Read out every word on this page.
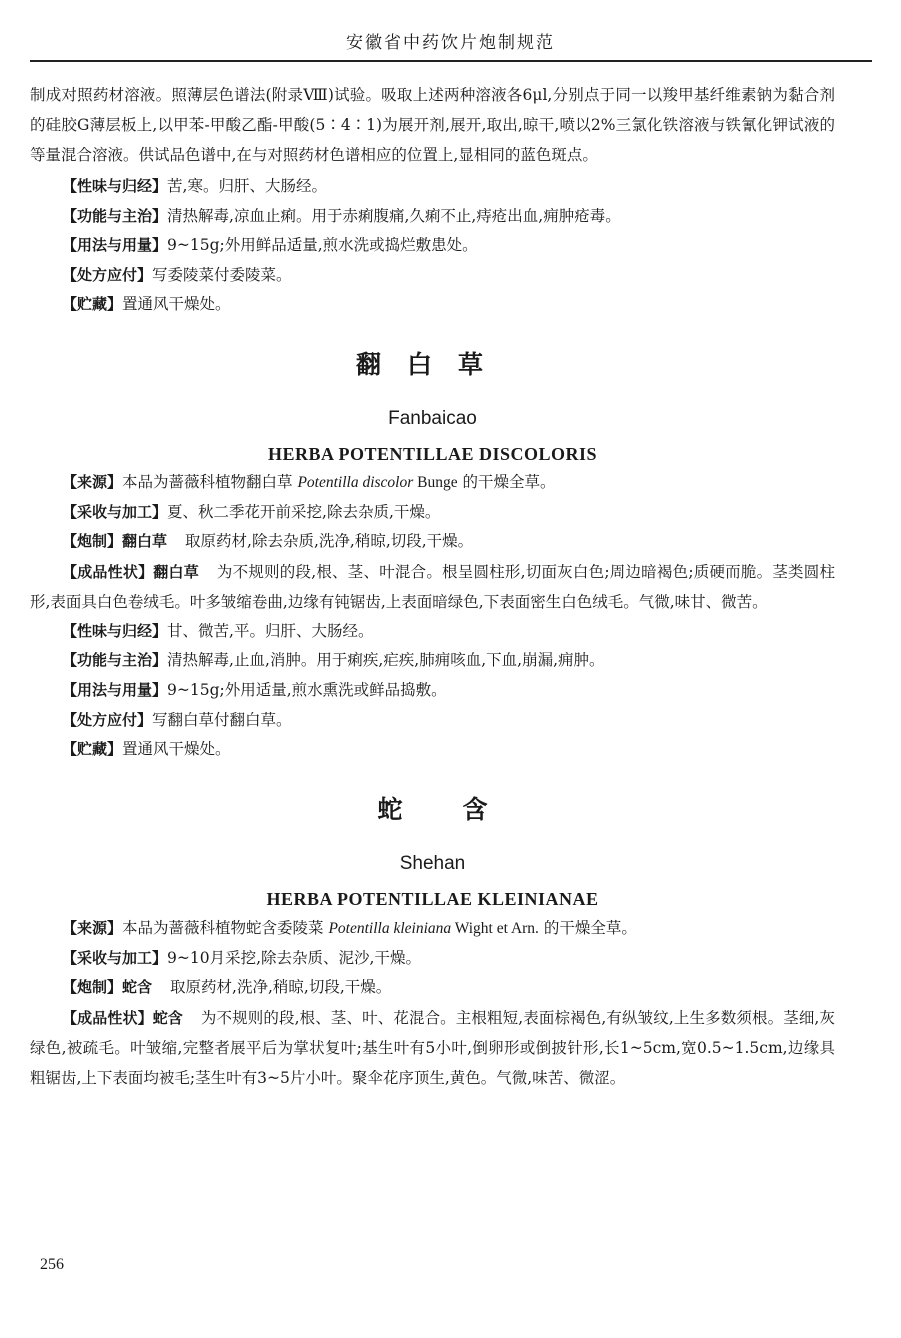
安徽省中药饮片炮制规范

制成对照药材溶液。照薄层色谱法(附录Ⅷ)试验。吸取上述两种溶液各6μl,分别点于同一以羧甲基纤维素钠为黏合剂的硅胶G薄层板上,以甲苯-甲酸乙酯-甲酸(5∶4∶1)为展开剂,展开,取出,晾干,喷以2%三氯化铁溶液与铁氰化钾试液的等量混合溶液。供试品色谱中,在与对照药材色谱相应的位置上,显相同的蓝色斑点。

【性味与归经】苦,寒。归肝、大肠经。

【功能与主治】清热解毒,凉血止痢。用于赤痢腹痛,久痢不止,痔疮出血,痈肿疮毒。

【用法与用量】9~15g;外用鲜品适量,煎水洗或捣烂敷患处。

【处方应付】写委陵菜付委陵菜。

【贮藏】置通风干燥处。

翻白草
Fanbaicao
HERBA POTENTILLAE DISCOLORIS

【来源】本品为蔷薇科植物翻白草 Potentilla discolor Bunge 的干燥全草。

【采收与加工】夏、秋二季花开前采挖,除去杂质,干燥。

【炮制】翻白草 取原药材,除去杂质,洗净,稍晾,切段,干燥。

【成品性状】翻白草 为不规则的段,根、茎、叶混合。根呈圆柱形,切面灰白色;周边暗褐色;质硬而脆。茎类圆柱形,表面具白色卷绒毛。叶多皱缩卷曲,边缘有钝锯齿,上表面暗绿色,下表面密生白色绒毛。气微,味甘、微苦。

【性味与归经】甘、微苦,平。归肝、大肠经。

【功能与主治】清热解毒,止血,消肿。用于痢疾,疟疾,肺痈咳血,下血,崩漏,痈肿。

【用法与用量】9~15g;外用适量,煎水熏洗或鲜品捣敷。

【处方应付】写翻白草付翻白草。

【贮藏】置通风干燥处。

蛇含
Shehan
HERBA POTENTILLAE KLEINIANAE

【来源】本品为蔷薇科植物蛇含委陵菜 Potentilla kleiniana Wight et Arn. 的干燥全草。

【采收与加工】9~10月采挖,除去杂质、泥沙,干燥。

【炮制】蛇含 取原药材,洗净,稍晾,切段,干燥。

【成品性状】蛇含 为不规则的段,根、茎、叶、花混合。主根粗短,表面棕褐色,有纵皱纹,上生多数须根。茎细,灰绿色,被疏毛。叶皱缩,完整者展平后为掌状复叶;基生叶有5小叶,倒卵形或倒披针形,长1~5cm,宽0.5~1.5cm,边缘具粗锯齿,上下表面均被毛;茎生叶有3~5片小叶。聚伞花序顶生,黄色。气微,味苦、微涩。

256
